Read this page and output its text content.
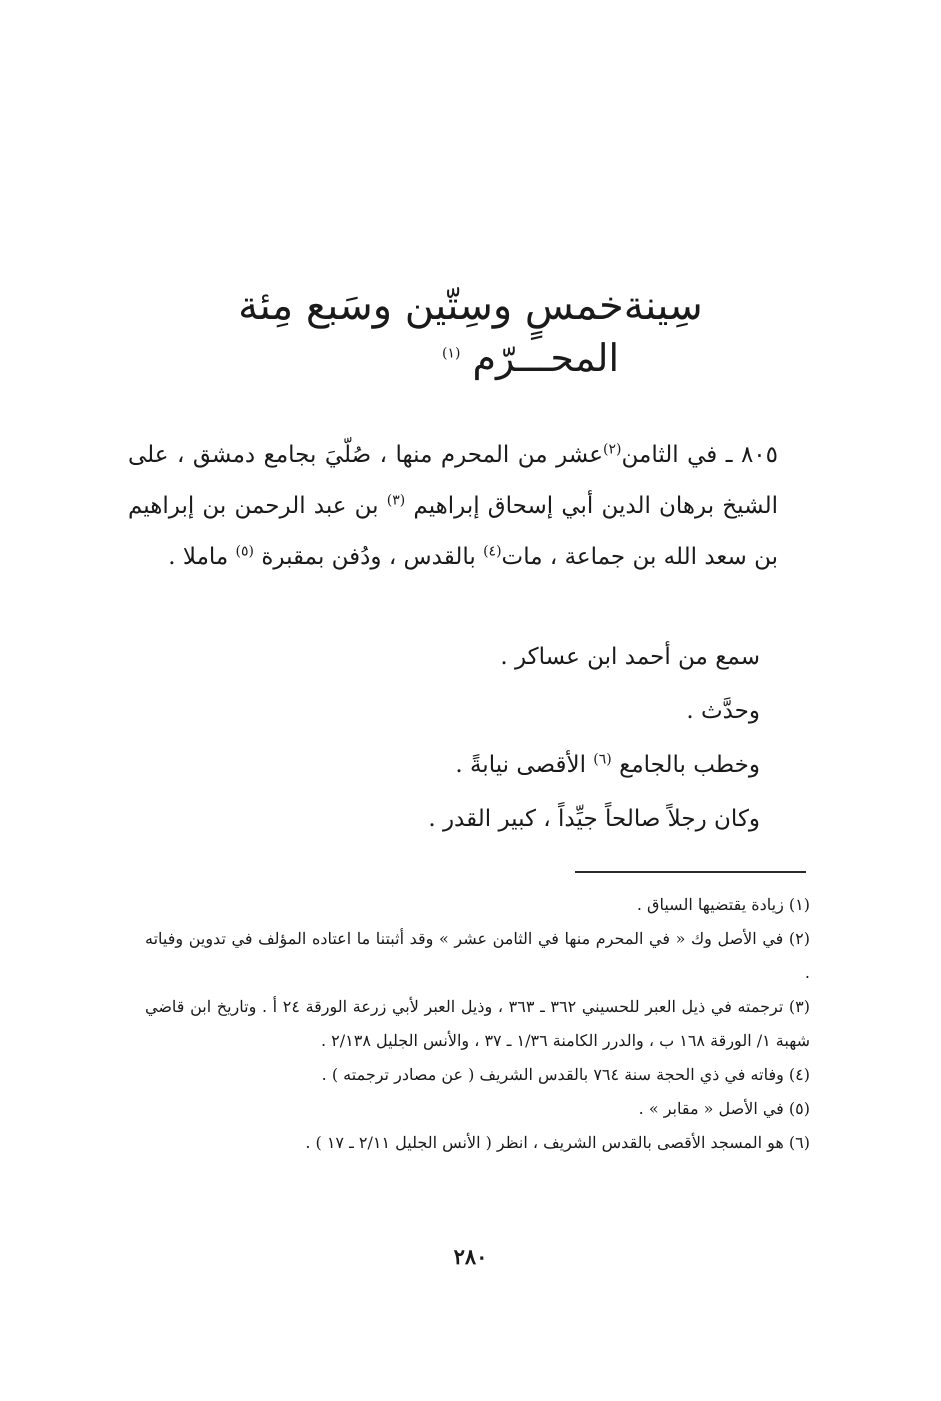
سِينةخمسٍ وسِتّين وسَبع مِئة
المحـــرّم $^{(١)}$

٨٠٥ ـ في الثامن$^{(٢)}$عشر من المحرم منها ، صُلّيَ بجامع دمشق ، على الشيخ برهان الدين أبي إسحاق إبراهيم $^{(٣)}$ بن عبد الرحمن بن إبراهيم بن سعد الله بن جماعة ، مات$^{(٤)}$ بالقدس ، ودُفن بمقبرة $^{(٥)}$ ماملا .

سمع من أحمد ابن عساكر .

وحدَّث .

وخطب بالجامع $^{(٦)}$ الأقصى نيابةً .

وكان رجلاً صالحاً جيِّداً ، كبير القدر .

(١) زيادة يقتضيها السياق .

(٢) في الأصل وك « في المحرم منها في الثامن عشر » وقد أثبتنا ما اعتاده المؤلف في تدوين وفياته .

(٣) ترجمته في ذيل العبر للحسيني ٣٦٢ ـ ٣٦٣ ، وذيل العبر لأبي زرعة الورقة ٢٤ أ . وتاريخ ابن قاضي شهبة ١/ الورقة ١٦٨ ب ، والدرر الكامنة ١/٣٦ ـ ٣٧ ، والأنس الجليل ٢/١٣٨ .

(٤) وفاته في ذي الحجة سنة ٧٦٤ بالقدس الشريف ( عن مصادر ترجمته ) .

(٥) في الأصل « مقابر » .

(٦) هو المسجد الأقصى بالقدس الشريف ، انظر ( الأنس الجليل ٢/١١ ـ ١٧ ) .

٢٨٠
